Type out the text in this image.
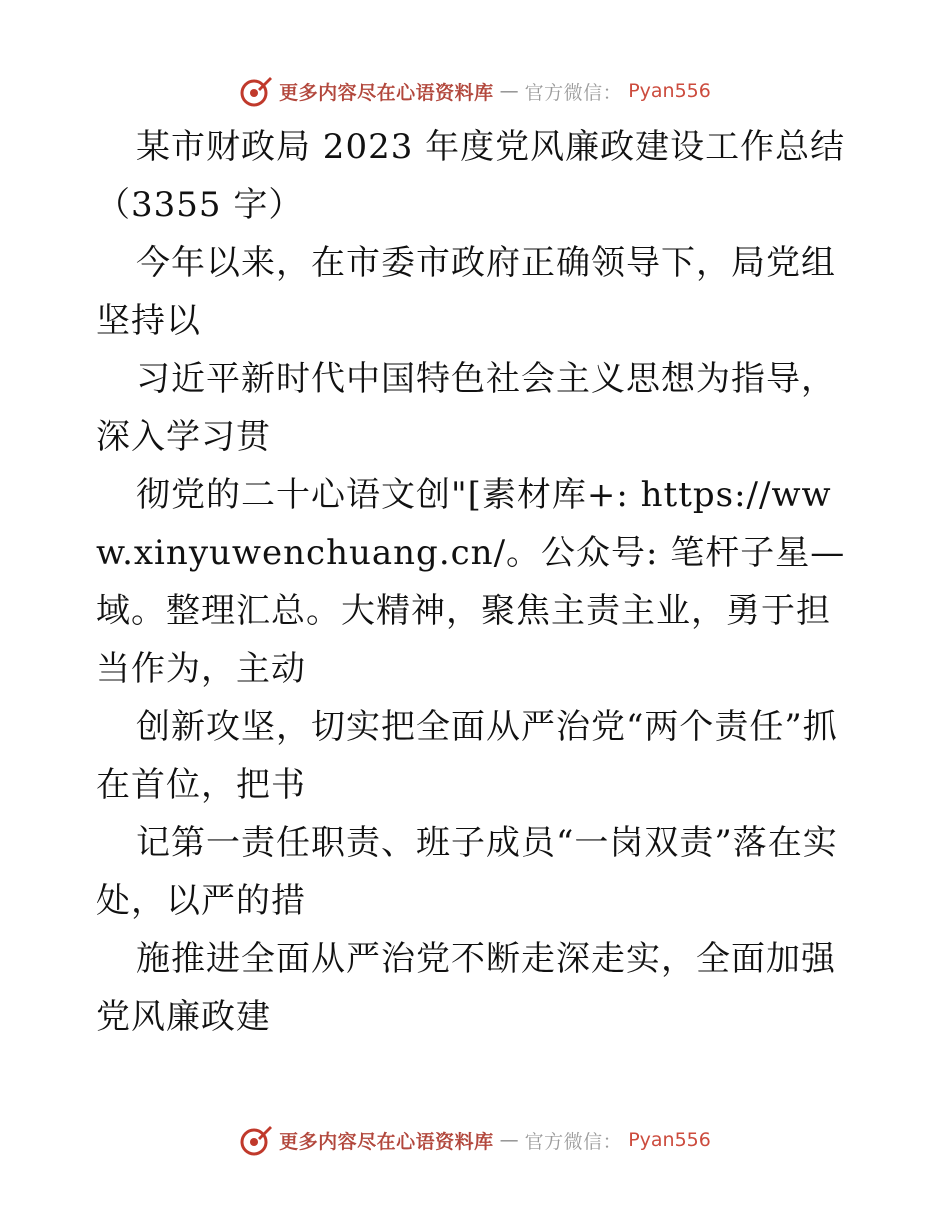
更多内容尽在心语资料库 — 官方微信： Pyan556

某市财政局 2023 年度党风廉政建设工作总结

（3355 字）

今年以来，在市委市政府正确领导下，局党组坚持以

习近平新时代中国特色社会主义思想为指导，深入学习贯

彻党的二十心语文创"[素材库+: https://www.xinyuwenchuang.cn/。公众号: 笔杆子星—域。整理汇总。大精神，聚焦主责主业，勇于担当作为，主动

创新攻坚，切实把全面从严治党“两个责任”抓在首位，把书

记第一责任职责、班子成员“一岗双责”落在实处，以严的措

施推进全面从严治党不断走深走实，全面加强党风廉政建

更多内容尽在心语资料库 — 官方微信： Pyan556
